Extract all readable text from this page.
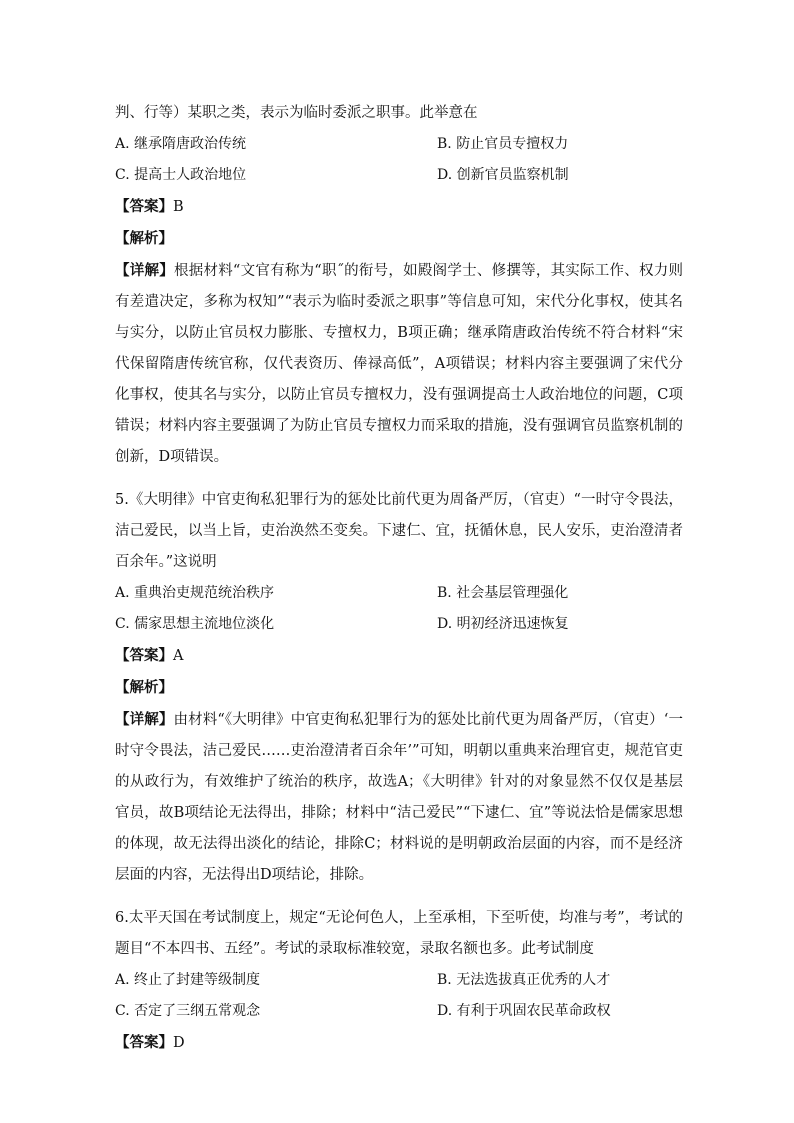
判、行等）某职之类，表示为临时委派之职事。此举意在

A. 继承隋唐政治传统	B. 防止官员专擅权力
C. 提高士人政治地位	D. 创新官员监察机制

【答案】B

【解析】

【详解】根据材料“文官有称为“职˝的衔号，如殿阁学士、修撰等，其实际工作、权力则有差遣决定，多称为权知”“表示为临时委派之职事”等信息可知，宋代分化事权，使其名与实分，以防止官员权力膨胀、专擅权力，B项正确；继承隋唐政治传统不符合材料“宋代保留隋唐传统官称，仅代表资历、俸禄高低”，A项错误；材料内容主要强调了宋代分化事权，使其名与实分，以防止官员专擅权力，没有强调提高士人政治地位的问题，C项错误；材料内容主要强调了为防止官员专擅权力而采取的措施，没有强调官员监察机制的创新，D项错误。

5.《大明律》中官吏徇私犯罪行为的惩处比前代更为周备严厉，（官吏）“一时守令畏法，洁己爱民，以当上旨，吏治涣然丕变矣。下逮仁、宜，抚循休息，民人安乐，吏治澄清者百余年。”这说明

A. 重典治吏规范统治秩序	B. 社会基层管理强化
C. 儒家思想主流地位淡化	D. 明初经济迅速恢复

【答案】A

【解析】

【详解】由材料“《大明律》中官吏徇私犯罪行为的惩处比前代更为周备严厉，（官吏）‘一时守令畏法，洁己爱民……吏治澄清者百余年’”可知，明朝以重典来治理官吏，规范官吏的从政行为，有效维护了统治的秩序，故选A；《大明律》针对的对象显然不仅仅是基层官员，故B项结论无法得出，排除；材料中“洁己爱民”“下逮仁、宜”等说法恰是儒家思想的体现，故无法得出淡化的结论，排除C；材料说的是明朝政治层面的内容，而不是经济层面的内容，无法得出D项结论，排除。

6.太平天国在考试制度上，规定“无论何色人，上至承相，下至听使，均准与考”，考试的题目“不本四书、五经”。考试的录取标准较宽，录取名额也多。此考试制度

A. 终止了封建等级制度	B. 无法选拔真正优秀的人才
C. 否定了三纲五常观念	D. 有利于巩固农民革命政权

【答案】D
